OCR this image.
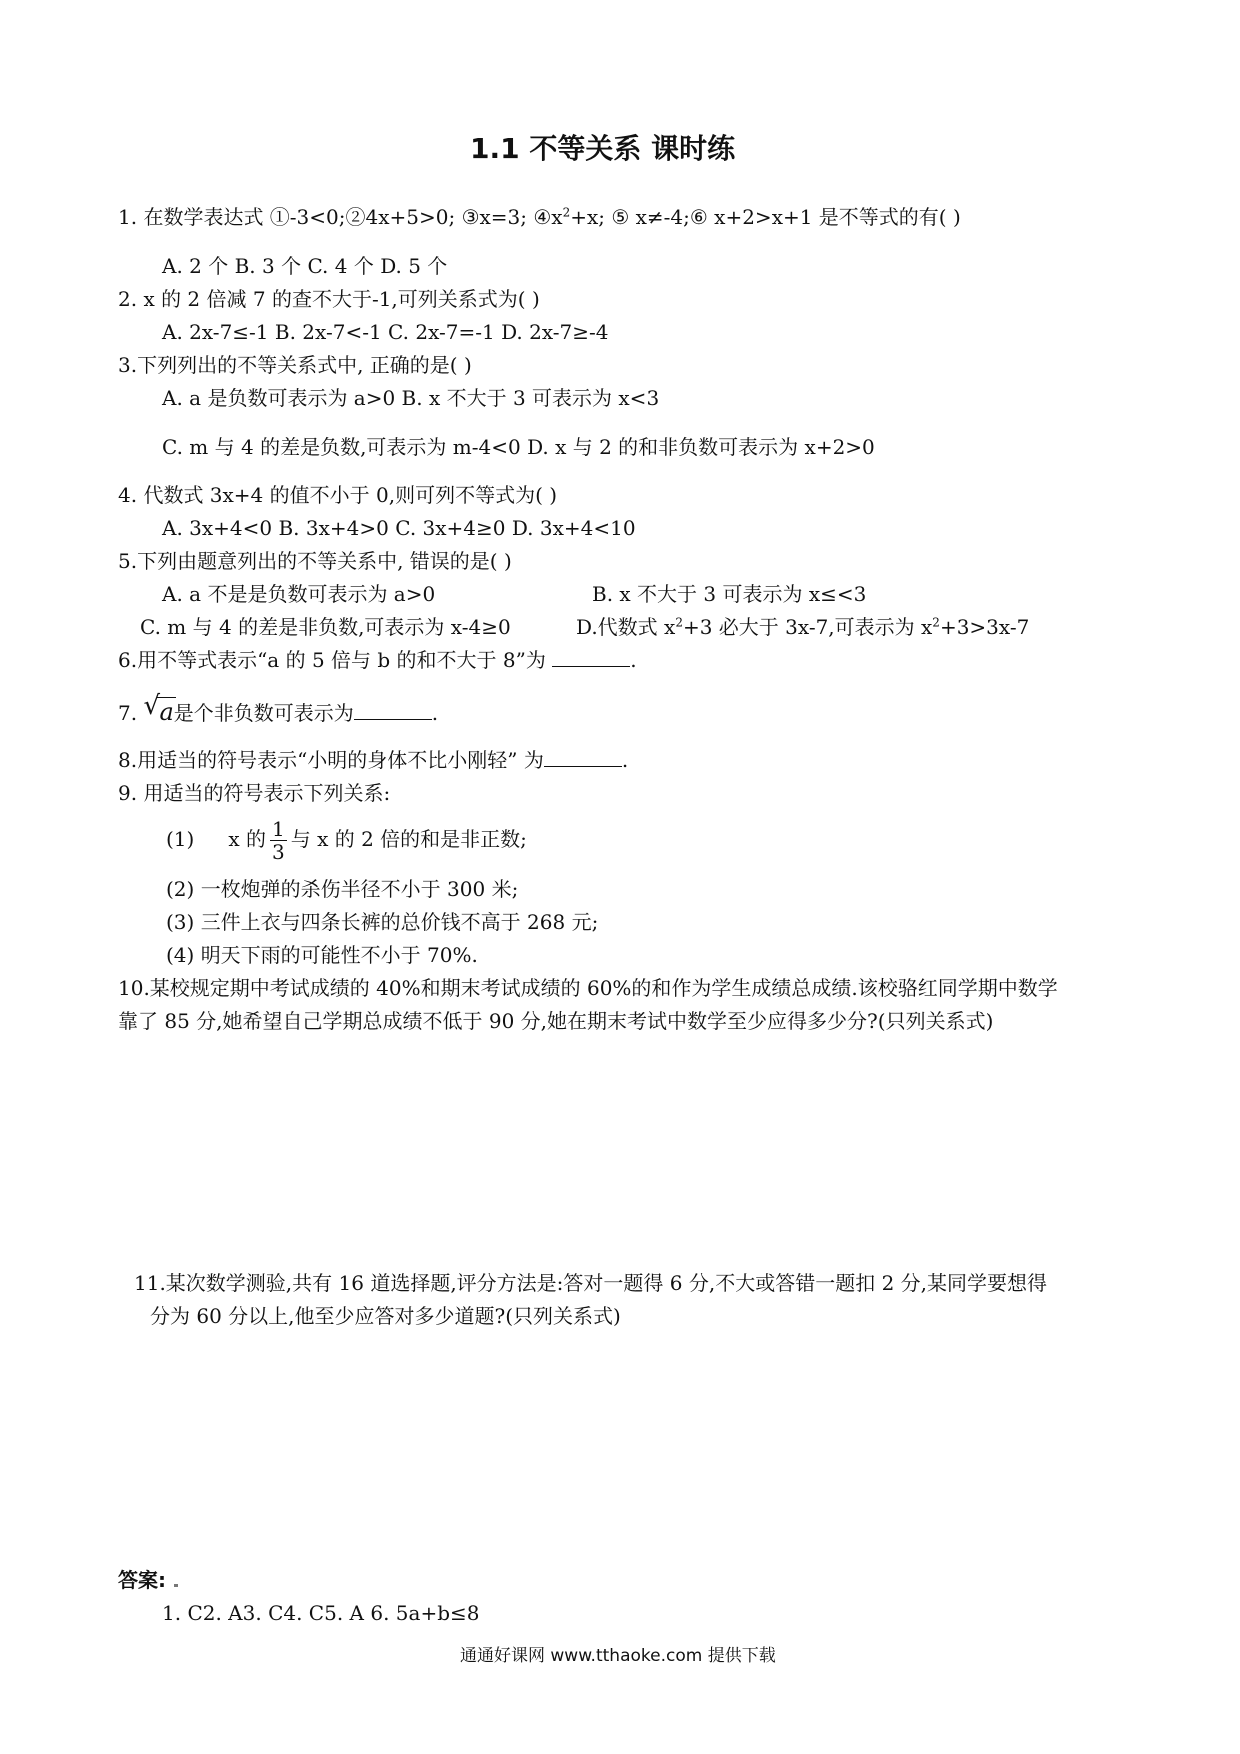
1.1 不等关系 课时练
1. 在数学表达式 ①-3<0;②4x+5>0; ③x=3; $④x^2+x$; ⑤ x≠-4;⑥ x+2>x+1 是不等式的有( )
A. 2 个 B. 3 个 C. 4 个 D. 5 个
2. x 的 2 倍减 7 的查不大于-1,可列关系式为( )
A. 2x-7≤-1 B. 2x-7<-1 C. 2x-7=-1 D. 2x-7≥-4
3.下列列出的不等关系式中, 正确的是( )
A. a 是负数可表示为 a>0 B. x 不大于 3 可表示为 x<3
C. m 与 4 的差是负数,可表示为 m-4<0 D. x 与 2 的和非负数可表示为 x+2>0
4. 代数式 3x+4 的值不小于 0,则可列不等式为( )
A. 3x+4<0 B. 3x+4>0 C. 3x+4≥0 D. 3x+4<10
5.下列由题意列出的不等关系中, 错误的是( )
A. a 不是是负数可表示为 a>0	B. x 不大于 3 可表示为 x≤<3
C. m 与 4 的差是非负数,可表示为 x-4≥0	D.代数式 $x^2+3$ 必大于 3x-7,可表示为 $x^2+3>3x-7$
6.用不等式表示“a 的 5 倍与 b 的和不大于 8”为	.
7. √ a是个非负数可表示为	.
8.用适当的符号表示“小明的身体不比小刚轻” 为	.
9. 用适当的符号表示下列关系:
(1) x 的 $\frac{1}{3}$ 与 x 的 2 倍的和是非正数;
(2) 一枚炮弹的杀伤半径不小于 300 米;
(3) 三件上衣与四条长裤的总价钱不高于 268 元;
(4) 明天下雨的可能性不小于 70%.
10.某校规定期中考试成绩的 40%和期末考试成绩的 60%的和作为学生成绩总成绩.该校骆红同学期中数学
靠了 85 分,她希望自己学期总成绩不低于 90 分,她在期末考试中数学至少应得多少分?(只列关系式)
11.某次数学测验,共有 16 道选择题,评分方法是:答对一题得 6 分,不大或答错一题扣 2 分,某同学要想得
分为 60 分以上,他至少应答对多少道题?(只列关系式)
答案:
1. C2. A3. C4. C5. A 6. 5a+b≤8
通通好课网 www.tthaoke.com 提供下载
